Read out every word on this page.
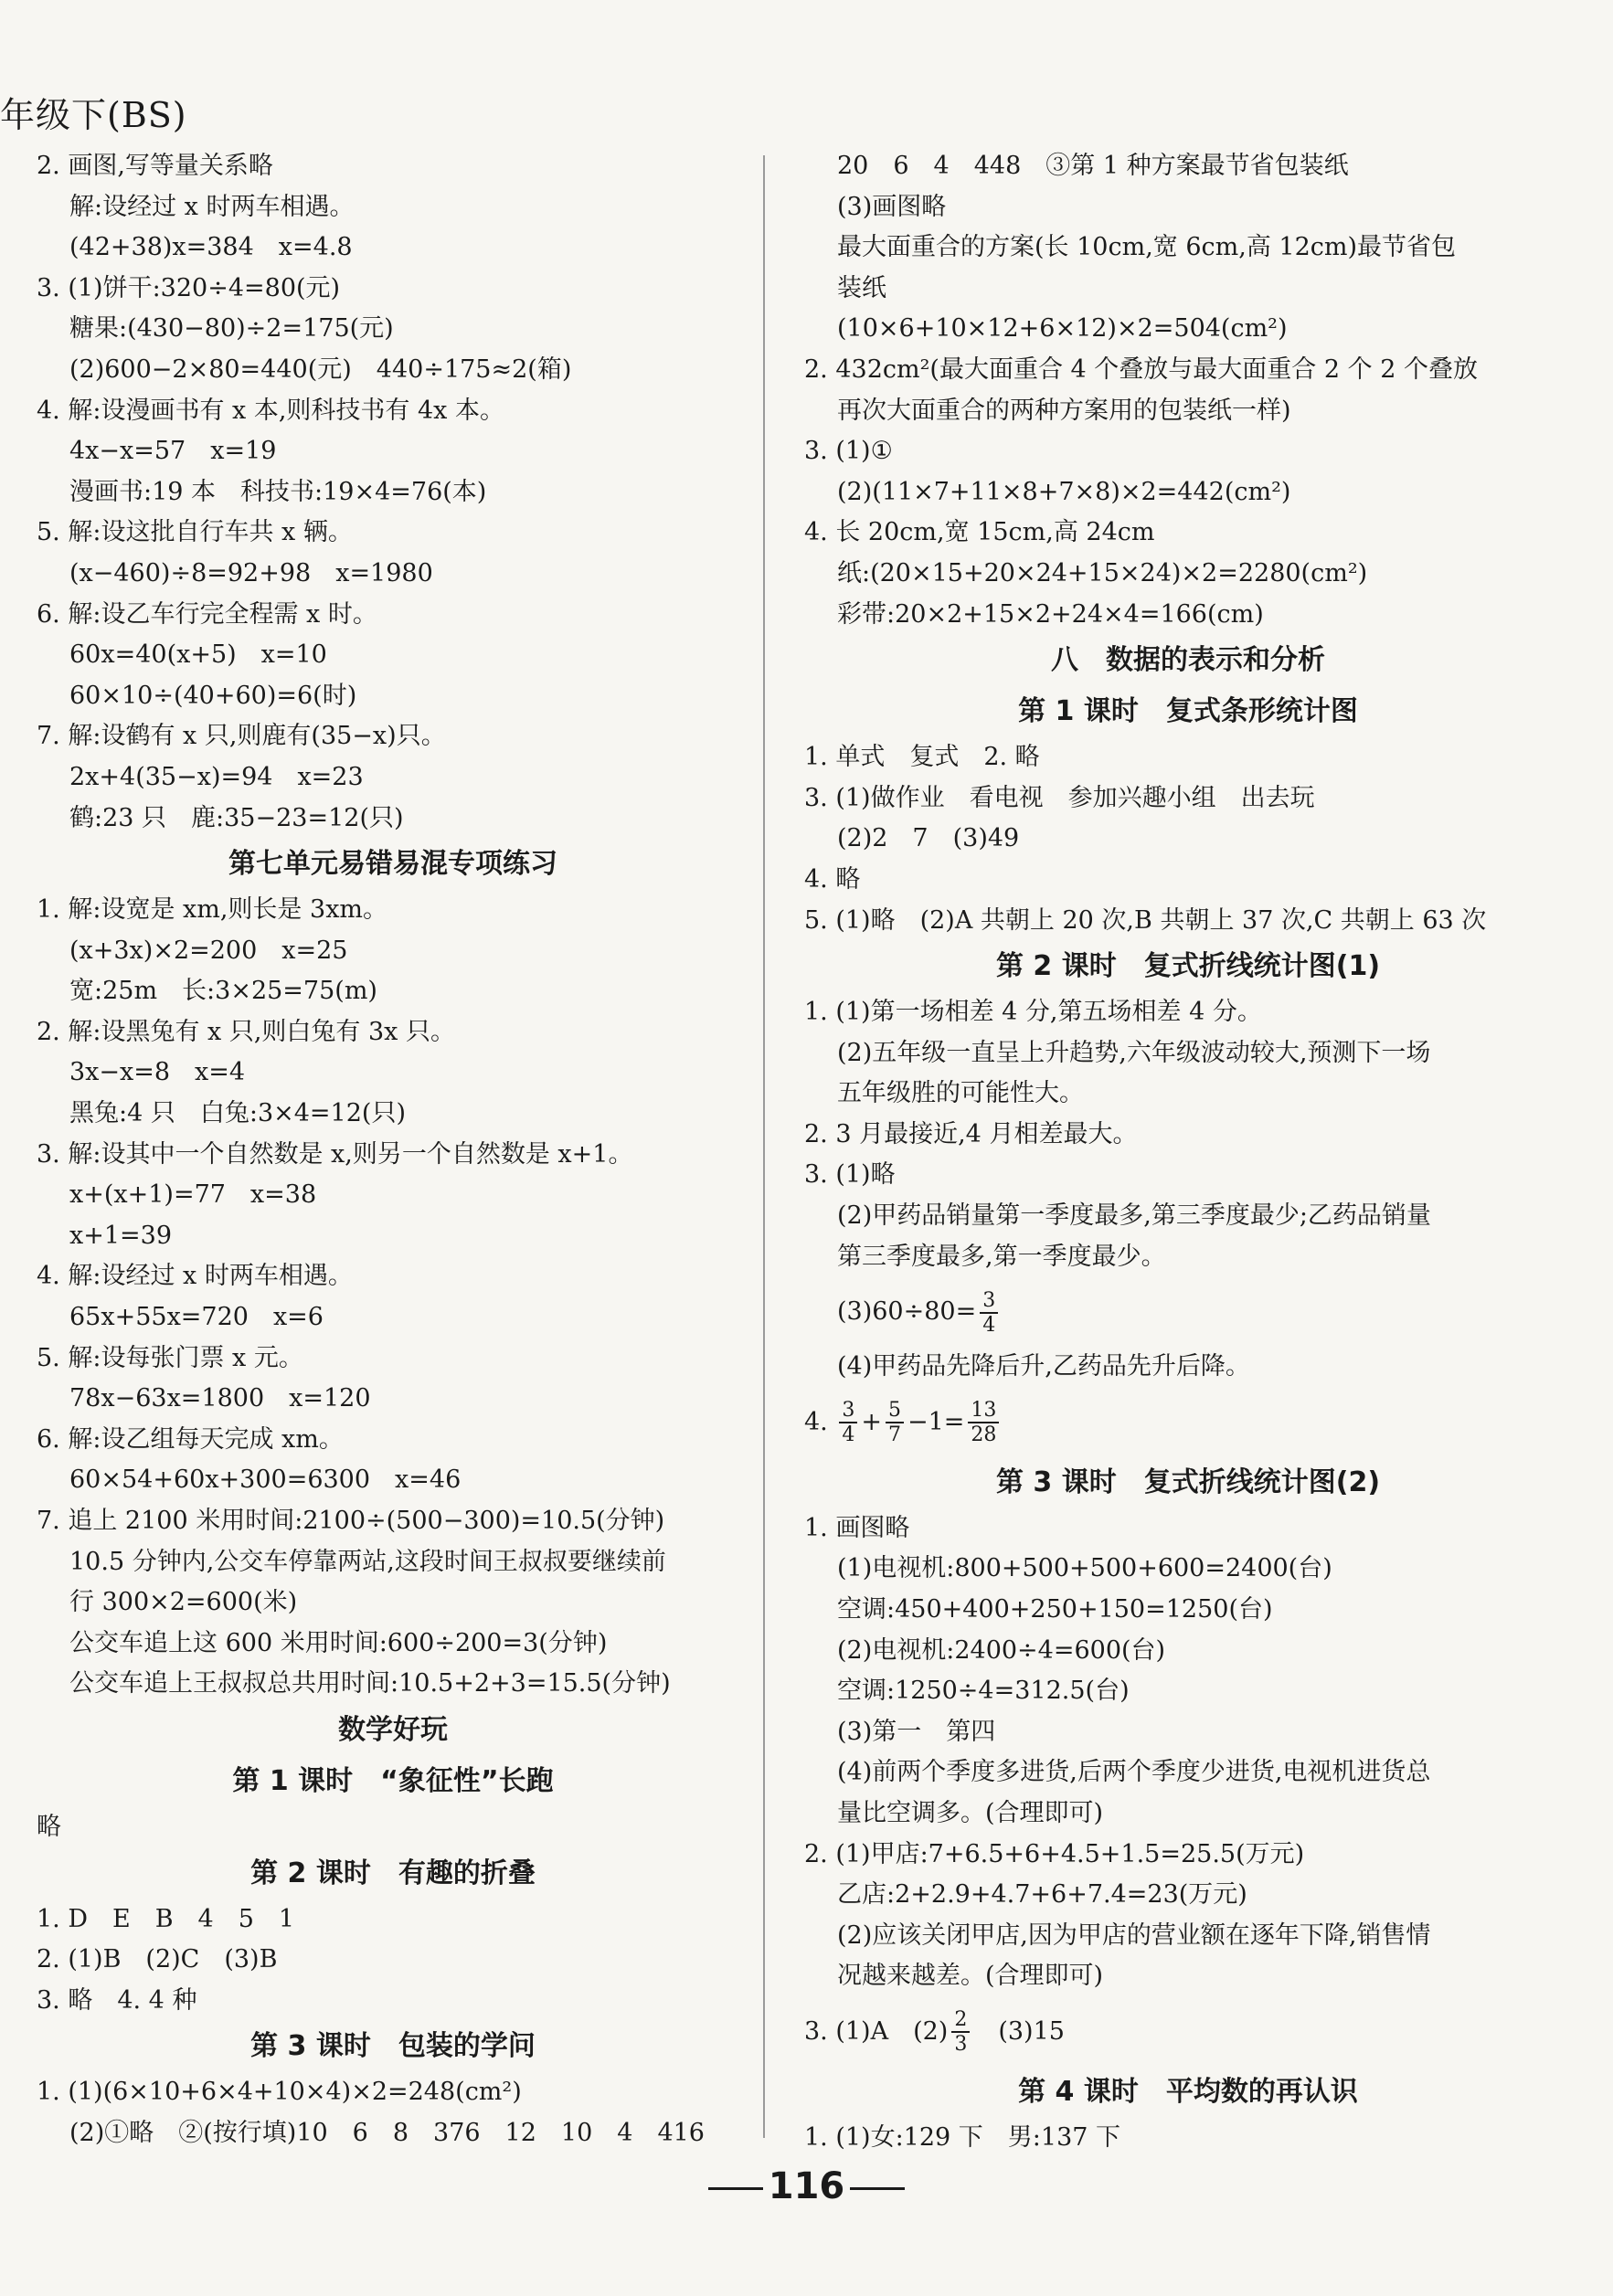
年级下(BS)
2. 画图,写等量关系略
解:设经过 x 时两车相遇。
(42+38)x=384　x=4.8
3. (1)饼干:320÷4=80(元)
糖果:(430−80)÷2=175(元)
(2)600−2×80=440(元)　440÷175≈2(箱)
4. 解:设漫画书有 x 本,则科技书有 4x 本。
4x−x=57　x=19
漫画书:19 本　科技书:19×4=76(本)
5. 解:设这批自行车共 x 辆。
(x−460)÷8=92+98　x=1980
6. 解:设乙车行完全程需 x 时。
60x=40(x+5)　x=10
60×10÷(40+60)=6(时)
7. 解:设鹤有 x 只,则鹿有(35−x)只。
2x+4(35−x)=94　x=23
鹤:23 只　鹿:35−23=12(只)
第七单元易错易混专项练习
1. 解:设宽是 xm,则长是 3xm。
(x+3x)×2=200　x=25
宽:25m　长:3×25=75(m)
2. 解:设黑兔有 x 只,则白兔有 3x 只。
3x−x=8　x=4
黑兔:4 只　白兔:3×4=12(只)
3. 解:设其中一个自然数是 x,则另一个自然数是 x+1。
x+(x+1)=77　x=38
x+1=39
4. 解:设经过 x 时两车相遇。
65x+55x=720　x=6
5. 解:设每张门票 x 元。
78x−63x=1800　x=120
6. 解:设乙组每天完成 xm。
60×54+60x+300=6300　x=46
7. 追上 2100 米用时间:2100÷(500−300)=10.5(分钟)
10.5 分钟内,公交车停靠两站,这段时间王叔叔要继续前
行 300×2=600(米)
公交车追上这 600 米用时间:600÷200=3(分钟)
公交车追上王叔叔总共用时间:10.5+2+3=15.5(分钟)
数学好玩
第 1 课时　“象征性”长跑
略
第 2 课时　有趣的折叠
1. D　E　B　4　5　1
2. (1)B　(2)C　(3)B
3. 略　4. 4 种
第 3 课时　包装的学问
1. (1)(6×10+6×4+10×4)×2=248(cm²)
(2)①略　②(按行填)10　6　8　376　12　10　4　416
20　6　4　448　③第 1 种方案最节省包装纸
(3)画图略
最大面重合的方案(长 10cm,宽 6cm,高 12cm)最节省包
装纸
(10×6+10×12+6×12)×2=504(cm²)
2. 432cm²(最大面重合 4 个叠放与最大面重合 2 个 2 个叠放
再次大面重合的两种方案用的包装纸一样)
3. (1)①
(2)(11×7+11×8+7×8)×2=442(cm²)
4. 长 20cm,宽 15cm,高 24cm
纸:(20×15+20×24+15×24)×2=2280(cm²)
彩带:20×2+15×2+24×4=166(cm)
八　数据的表示和分析
第 1 课时　复式条形统计图
1. 单式　复式　2. 略
3. (1)做作业　看电视　参加兴趣小组　出去玩
(2)2　7　(3)49
4. 略
5. (1)略　(2)A 共朝上 20 次,B 共朝上 37 次,C 共朝上 63 次
第 2 课时　复式折线统计图(1)
1. (1)第一场相差 4 分,第五场相差 4 分。
(2)五年级一直呈上升趋势,六年级波动较大,预测下一场
五年级胜的可能性大。
2. 3 月最接近,4 月相差最大。
3. (1)略
(2)甲药品销量第一季度最多,第三季度最少;乙药品销量
第三季度最多,第一季度最少。
$(3)60\div 80= \frac{3}{4}$
(4)甲药品先降后升,乙药品先升后降。
4. $\frac{3}{4} + \frac{5}{7} -1= \frac{13}{28}$
第 3 课时　复式折线统计图(2)
1. 画图略
(1)电视机:800+500+500+600=2400(台)
空调:450+400+250+150=1250(台)
(2)电视机:2400÷4=600(台)
空调:1250÷4=312.5(台)
(3)第一　第四
(4)前两个季度多进货,后两个季度少进货,电视机进货总
量比空调多。(合理即可)
2. (1)甲店:7+6.5+6+4.5+1.5=25.5(万元)
乙店:2+2.9+4.7+6+7.4=23(万元)
(2)应该关闭甲店,因为甲店的营业额在逐年下降,销售情
况越来越差。(合理即可)
3. (1)A　$(2) \frac{2}{3}$ 　(3)15
第 4 课时　平均数的再认识
1. (1)女:129 下　男:137 下
116
